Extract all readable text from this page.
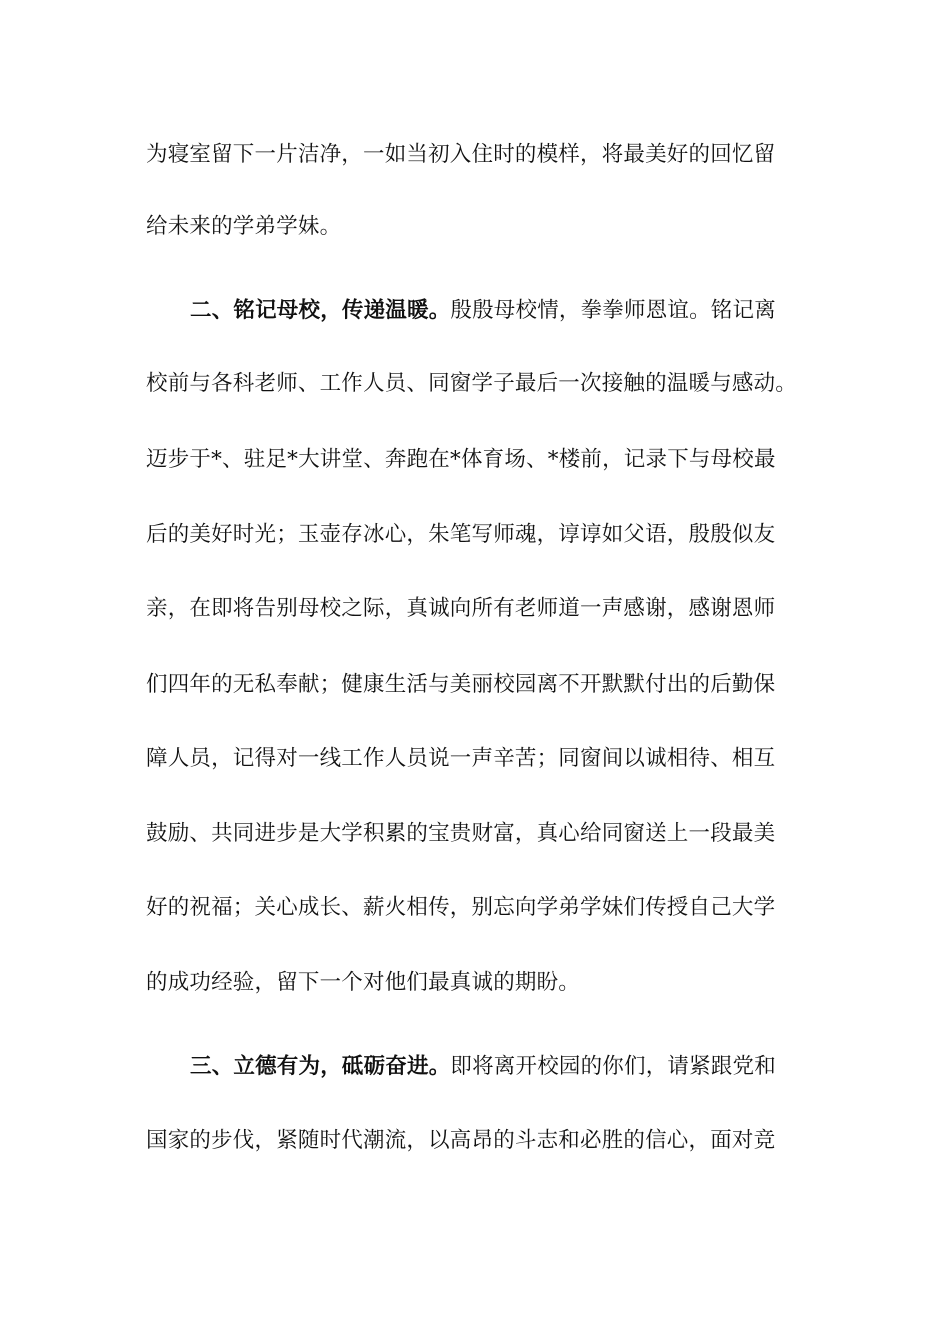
为寝室留下一片洁净，一如当初入住时的模样，将最美好的回忆留
给未来的学弟学妹。
二、铭记母校，传递温暖。殷殷母校情，拳拳师恩谊。铭记离
校前与各科老师、工作人员、同窗学子最后一次接触的温暖与感动。
迈步于*、驻足*大讲堂、奔跑在*体育场、*楼前，记录下与母校最
后的美好时光；玉壶存冰心，朱笔写师魂，谆谆如父语，殷殷似友
亲，在即将告别母校之际，真诚向所有老师道一声感谢，感谢恩师
们四年的无私奉献；健康生活与美丽校园离不开默默付出的后勤保
障人员，记得对一线工作人员说一声辛苦；同窗间以诚相待、相互
鼓励、共同进步是大学积累的宝贵财富，真心给同窗送上一段最美
好的祝福；关心成长、薪火相传，别忘向学弟学妹们传授自己大学
的成功经验，留下一个对他们最真诚的期盼。
三、立德有为，砥砺奋进。即将离开校园的你们，请紧跟党和
国家的步伐，紧随时代潮流，以高昂的斗志和必胜的信心，面对竞
